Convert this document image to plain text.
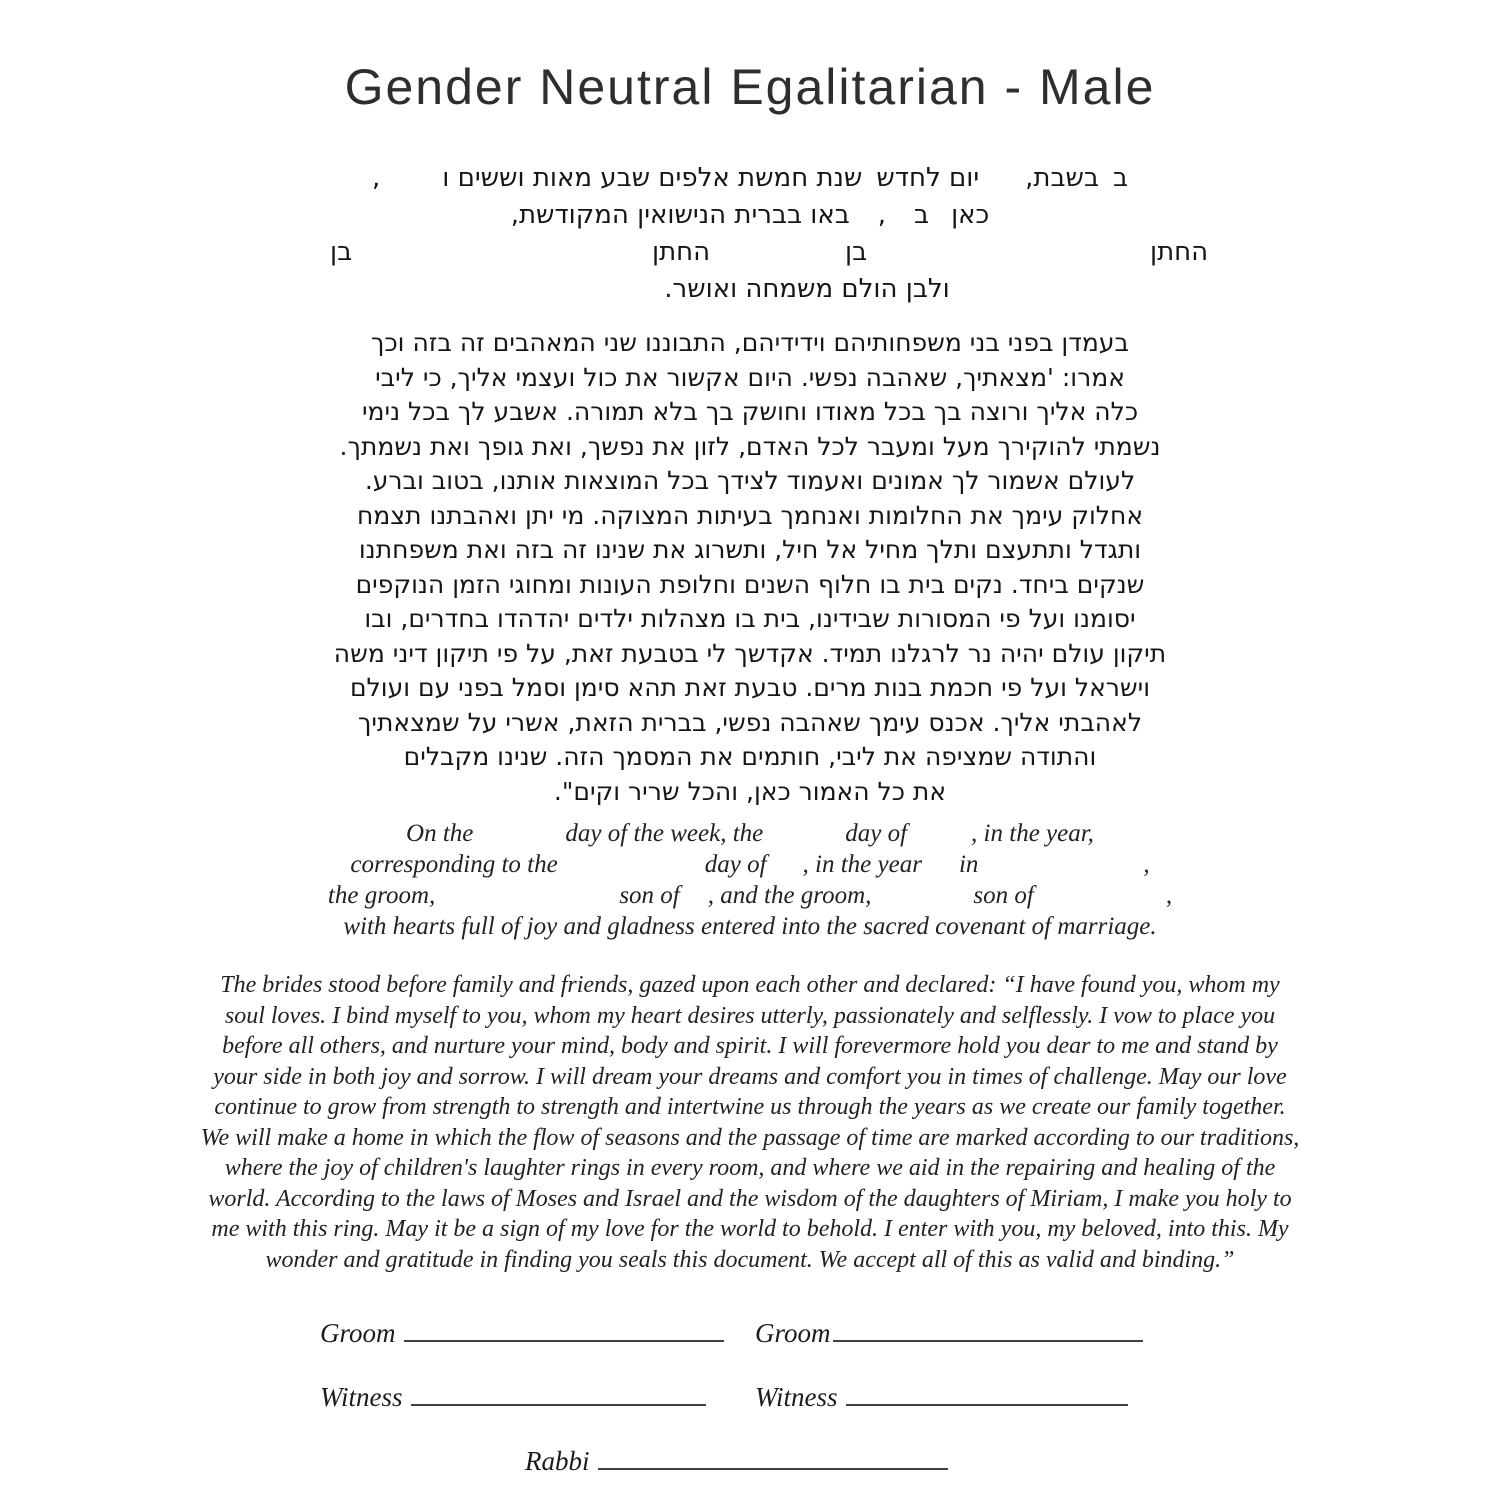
Gender Neutral Egalitarian - Male
בבשבת,יום לחדששנת חמשת אלפים שבע מאות וששים ו,
כאןב,באו בברית הנישואין המקודשת,
החתן
בן
החתן
בן
ולבן הולם משמחה ואושר.
בעמדן בפני בני משפחותיהם וידידיהם, התבוננו שני המאהבים זה בזה וכך
אמרו: 'מצאתיך, שאהבה נפשי. היום אקשור את כול ועצמי אליך, כי ליבי
כלה אליך ורוצה בך בכל מאודו וחושק בך בלא תמורה. אשבע לך בכל נימי
נשמתי להוקירך מעל ומעבר לכל האדם, לזון את נפשך, ואת גופך ואת נשמתך.
לעולם אשמור לך אמונים ואעמוד לצידך בכל המוצאות אותנו, בטוב וברע.
אחלוק עימך את החלומות ואנחמך בעיתות המצוקה. מי יתן ואהבתנו תצמח
ותגדל ותתעצם ותלך מחיל אל חיל, ותשרוג את שנינו זה בזה ואת משפחתנו
שנקים ביחד. נקים בית בו חלוף השנים וחלופת העונות ומחוגי הזמן הנוקפים
יסומנו ועל פי המסורות שבידינו, בית בו מצהלות ילדים יהדהדו בחדרים, ובו
תיקון עולם יהיה נר לרגלנו תמיד. אקדשך לי בטבעת זאת, על פי תיקון דיני משה
וישראל ועל פי חכמת בנות מרים. טבעת זאת תהא סימן וסמל בפני עם ועולם
לאהבתי אליך. אכנס עימך שאהבה נפשי, בברית הזאת, אשרי על שמצאתיך
והתודה שמציפה את ליבי, חותמים את המסמך הזה. שנינו מקבלים
את כל האמור כאן, והכל שריר וקים".
On the	day of the week, the	day of	, in the year,
corresponding to the	day of , in the year in	,
the groom,	son of , and the groom,	son of	,
with hearts full of joy and gladness entered into the sacred covenant of marriage.
The brides stood before family and friends, gazed upon each other and declared: “I have found you, whom my
soul loves. I bind myself to you, whom my heart desires utterly, passionately and selflessly. I vow to place you
before all others, and nurture your mind, body and spirit. I will forevermore hold you dear to me and stand by
your side in both joy and sorrow. I will dream your dreams and comfort you in times of challenge. May our love
continue to grow from strength to strength and intertwine us through the years as we create our family together.
We will make a home in which the flow of seasons and the passage of time are marked according to our traditions,
where the joy of children's laughter rings in every room, and where we aid in the repairing and healing of the
world. According to the laws of Moses and Israel and the wisdom of the daughters of Miriam, I make you holy to
me with this ring. May it be a sign of my love for the world to behold. I enter with you, my beloved, into this. My
wonder and gratitude in finding you seals this document. We accept all of this as valid and binding.”
Groom	Groom
Witness	Witness
Rabbi
